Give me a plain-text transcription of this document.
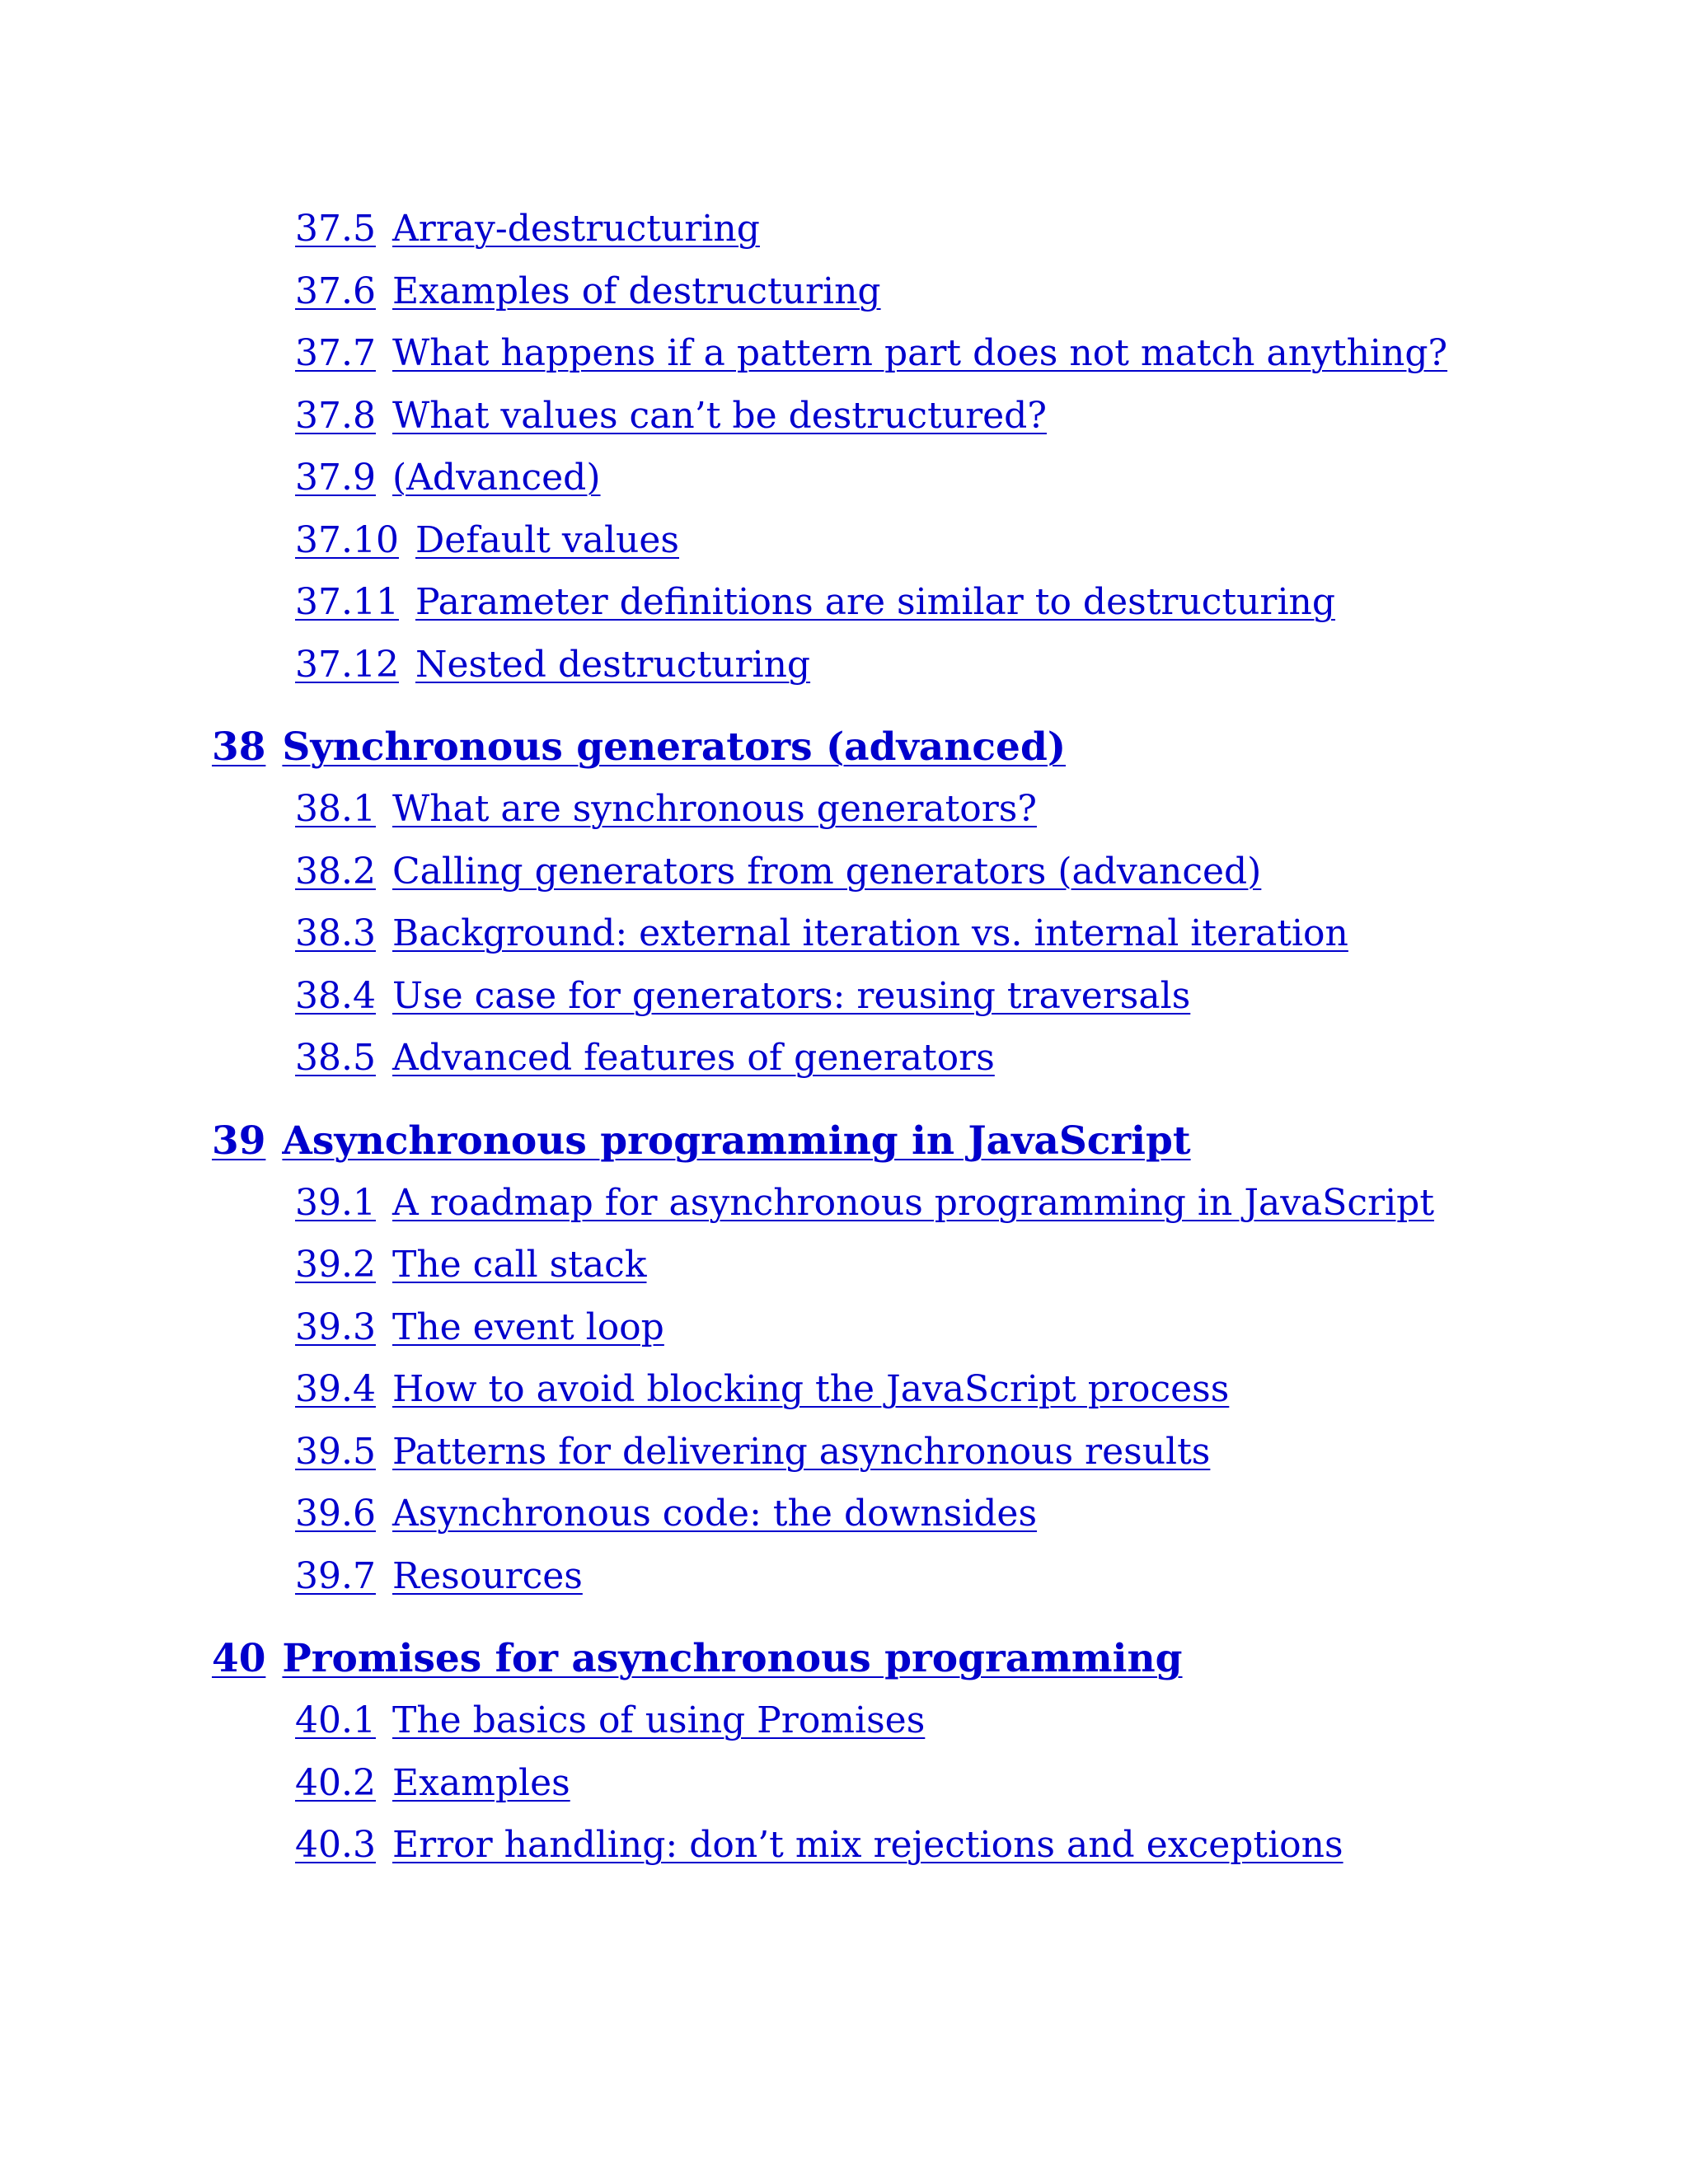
37.5 Array-destructuring
37.6 Examples of destructuring
37.7 What happens if a pattern part does not match anything?
37.8 What values can’t be destructured?
37.9 (Advanced)
37.10 Default values
37.11 Parameter definitions are similar to destructuring
37.12 Nested destructuring
38 Synchronous generators (advanced)
38.1 What are synchronous generators?
38.2 Calling generators from generators (advanced)
38.3 Background: external iteration vs. internal iteration
38.4 Use case for generators: reusing traversals
38.5 Advanced features of generators
39 Asynchronous programming in JavaScript
39.1 A roadmap for asynchronous programming in JavaScript
39.2 The call stack
39.3 The event loop
39.4 How to avoid blocking the JavaScript process
39.5 Patterns for delivering asynchronous results
39.6 Asynchronous code: the downsides
39.7 Resources
40 Promises for asynchronous programming
40.1 The basics of using Promises
40.2 Examples
40.3 Error handling: don’t mix rejections and exceptions
